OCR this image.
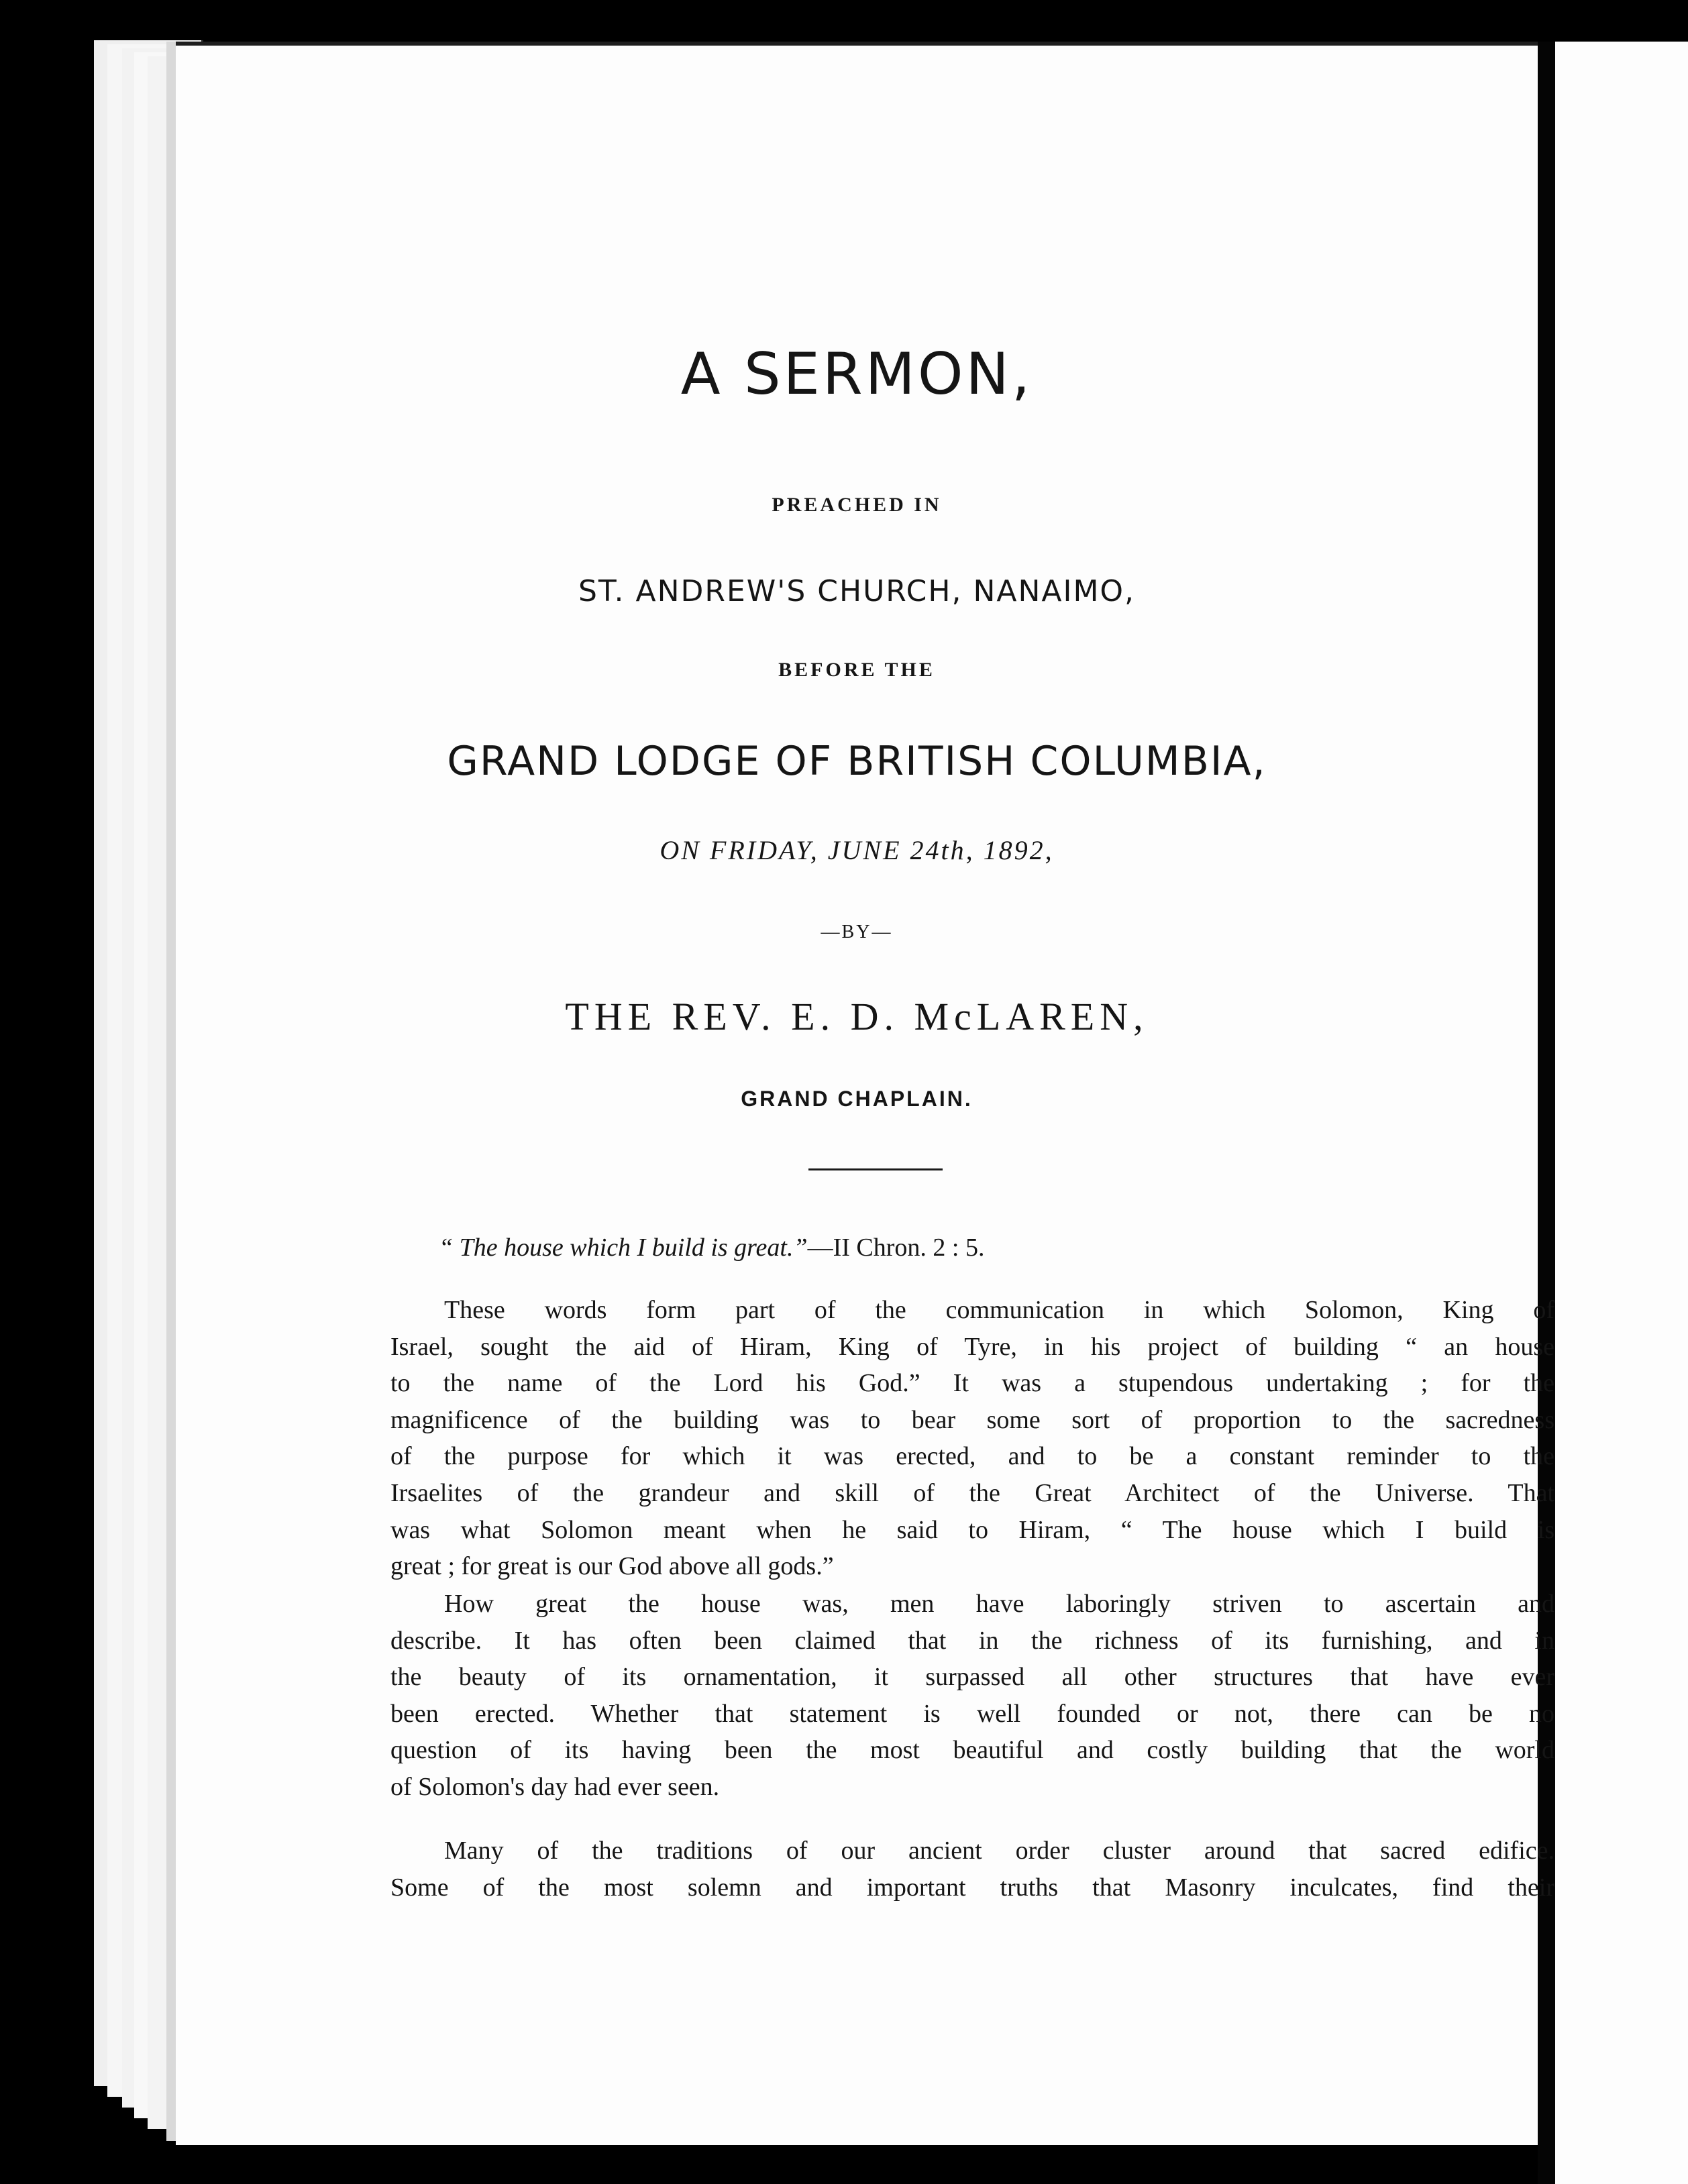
A SERMON,
PREACHED IN
ST. ANDREW'S CHURCH, NANAIMO,
BEFORE THE
GRAND LODGE OF BRITISH COLUMBIA,
ON FRIDAY, JUNE 24th, 1892,
—BY—
THE REV. E. D. McLAREN,
GRAND CHAPLAIN.
“ The house which I build is great.”—II Chron. 2 : 5.
These words form part of the communication in which Solomon, King of
Israel, sought the aid of Hiram, King of Tyre, in his project of building “ an house
to the name of the Lord his God.” It was a stupendous undertaking ; for the
magnificence of the building was to bear some sort of proportion to the sacredness
of the purpose for which it was erected, and to be a constant reminder to the
Irsaelites of the grandeur and skill of the Great Architect of the Universe. That
was what Solomon meant when he said to Hiram, “ The house which I build is
great ; for great is our God above all gods.”
How great the house was, men have laboringly striven to ascertain and
describe. It has often been claimed that in the richness of its furnishing, and in
the beauty of its ornamentation, it surpassed all other structures that have ever
been erected. Whether that statement is well founded or not, there can be no
question of its having been the most beautiful and costly building that the world
of Solomon's day had ever seen.
Many of the traditions of our ancient order cluster around that sacred edifice.
Some of the most solemn and important truths that Masonry inculcates, find their
